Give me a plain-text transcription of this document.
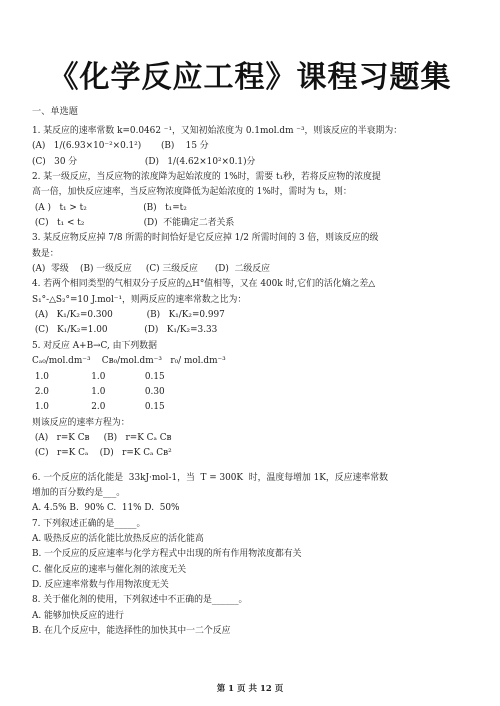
《化学反应工程》课程习题集
一、单选题
1. 某反应的速率常数 k=0.0462 ⁻¹，又知初始浓度为 0.1mol.dm ⁻³，则该反应的半衰期为：
(A)   1/(6.93×10⁻²×0.1²)       (B)    15 分
(C)   30 分                        (D)   1/(4.62×10²×0.1)分
2. 某一级反应，当反应物的浓度降为起始浓度的 1%时，需要 t₁秒，若将反应物的浓度提
高一倍，加快反应速率，当反应物浓度降低为起始浓度的 1%时，需时为 t₂，则：
(A )   t₁ > t₂                    (B)   t₁=t₂
(C)   t₁ < t₂                     (D)  不能确定二者关系
3. 某反应物反应掉 7/8 所需的时间恰好是它反应掉 1/2 所需时间的 3 倍，则该反应的级
数是：
(A)  零级    (B) 一级反应     (C) 三级反应      (D)  二级反应
4. 若两个相同类型的气相双分子反应的△H°值相等，又在 400k 时,它们的活化熵之差△
S₁°-△S₂°=10 J.mol⁻¹，则两反应的速率常数之比为：
(A)   K₁/K₂=0.300            (B)   K₁/K₂=0.997
(C)   K₁/K₂=1.00             (D)   K₁/K₂=3.33
5. 对反应 A+B→C, 由下列数据
Cₐ₀/mol.dm⁻³    Cʙ₀/mol.dm⁻³   r₀/ mol.dm⁻³
1.0               1.0              0.15
2.0               1.0              0.30
1.0               2.0              0.15
则该反应的速率方程为：
(A)   r=K Cʙ     (B)   r=K Cₐ Cʙ
(C)   r=K Cₐ    (D)   r=K Cₐ Cʙ²
6. 一个反应的活化能是  33kJ·mol-1，当  T = 300K  时，温度每增加 1K，反应速率常数
增加的百分数约是___。
A. 4.5% B.  90% C.  11% D.  50%
7. 下列叙述正确的是_____。
A. 吸热反应的活化能比放热反应的活化能高
B. 一个反应的反应速率与化学方程式中出现的所有作用物浓度都有关
C. 催化反应的速率与催化剂的浓度无关
D. 反应速率常数与作用物浓度无关
8. 关于催化剂的使用，下列叙述中不正确的是______。
A. 能够加快反应的进行
B. 在几个反应中，能选择性的加快其中一二个反应
第 1 页 共 12 页
